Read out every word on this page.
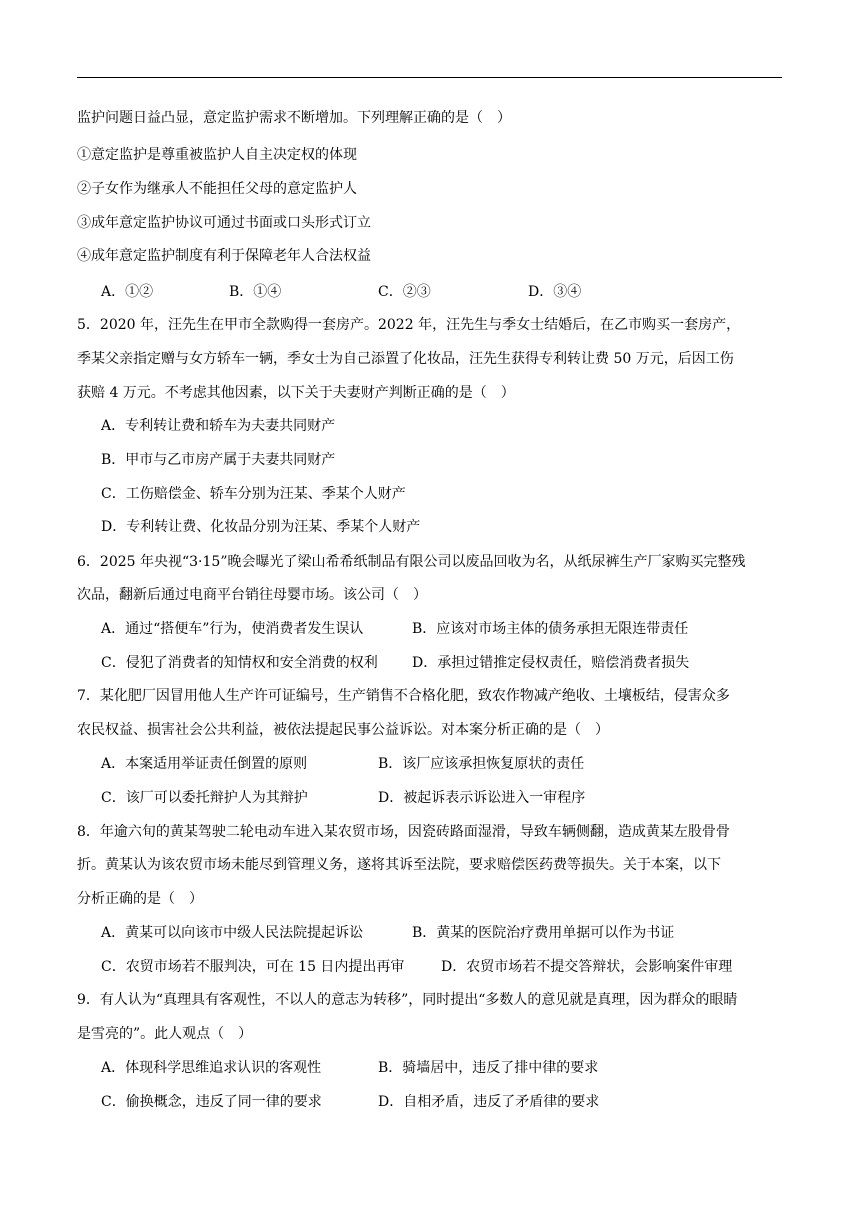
监护问题日益凸显，意定监护需求不断增加。下列理解正确的是（　）
①意定监护是尊重被监护人自主决定权的体现
②子女作为继承人不能担任父母的意定监护人
③成年意定监护协议可通过书面或口头形式订立
④成年意定监护制度有利于保障老年人合法权益
A．①②	B．①④	C．②③	D．③④
5．2020 年，汪先生在甲市全款购得一套房产。2022 年，汪先生与季女士结婚后，在乙市购买一套房产，
季某父亲指定赠与女方轿车一辆，季女士为自己添置了化妆品，汪先生获得专利转让费 50 万元，后因工伤
获赔 4 万元。不考虑其他因素，以下关于夫妻财产判断正确的是（　）
A．专利转让费和轿车为夫妻共同财产
B．甲市与乙市房产属于夫妻共同财产
C．工伤赔偿金、轿车分别为汪某、季某个人财产
D．专利转让费、化妆品分别为汪某、季某个人财产
6．2025 年央视“3·15”晚会曝光了梁山希希纸制品有限公司以废品回收为名，从纸尿裤生产厂家购买完整残
次品，翻新后通过电商平台销往母婴市场。该公司（　）
A．通过“搭便车”行为，使消费者发生误认	B．应该对市场主体的债务承担无限连带责任
C．侵犯了消费者的知情权和安全消费的权利 D．承担过错推定侵权责任，赔偿消费者损失
7．某化肥厂因冒用他人生产许可证编号，生产销售不合格化肥，致农作物减产绝收、土壤板结，侵害众多
农民权益、损害社会公共利益，被依法提起民事公益诉讼。对本案分析正确的是（　）
A．本案适用举证责任倒置的原则	B．该厂应该承担恢复原状的责任
C．该厂可以委托辩护人为其辩护	D．被起诉表示诉讼进入一审程序
8．年逾六旬的黄某驾驶二轮电动车进入某农贸市场，因瓷砖路面湿滑，导致车辆侧翻，造成黄某左股骨骨
折。黄某认为该农贸市场未能尽到管理义务，遂将其诉至法院，要求赔偿医药费等损失。关于本案，以下
分析正确的是（　）
A．黄某可以向该市中级人民法院提起诉讼	B．黄某的医院治疗费用单据可以作为书证
C．农贸市场若不服判决，可在 15 日内提出再审	D．农贸市场若不提交答辩状，会影响案件审理
9．有人认为“真理具有客观性，不以人的意志为转移”，同时提出“多数人的意见就是真理，因为群众的眼睛
是雪亮的”。此人观点（　）
A．体现科学思维追求认识的客观性	B．骑墙居中，违反了排中律的要求
C．偷换概念，违反了同一律的要求	D．自相矛盾，违反了矛盾律的要求
